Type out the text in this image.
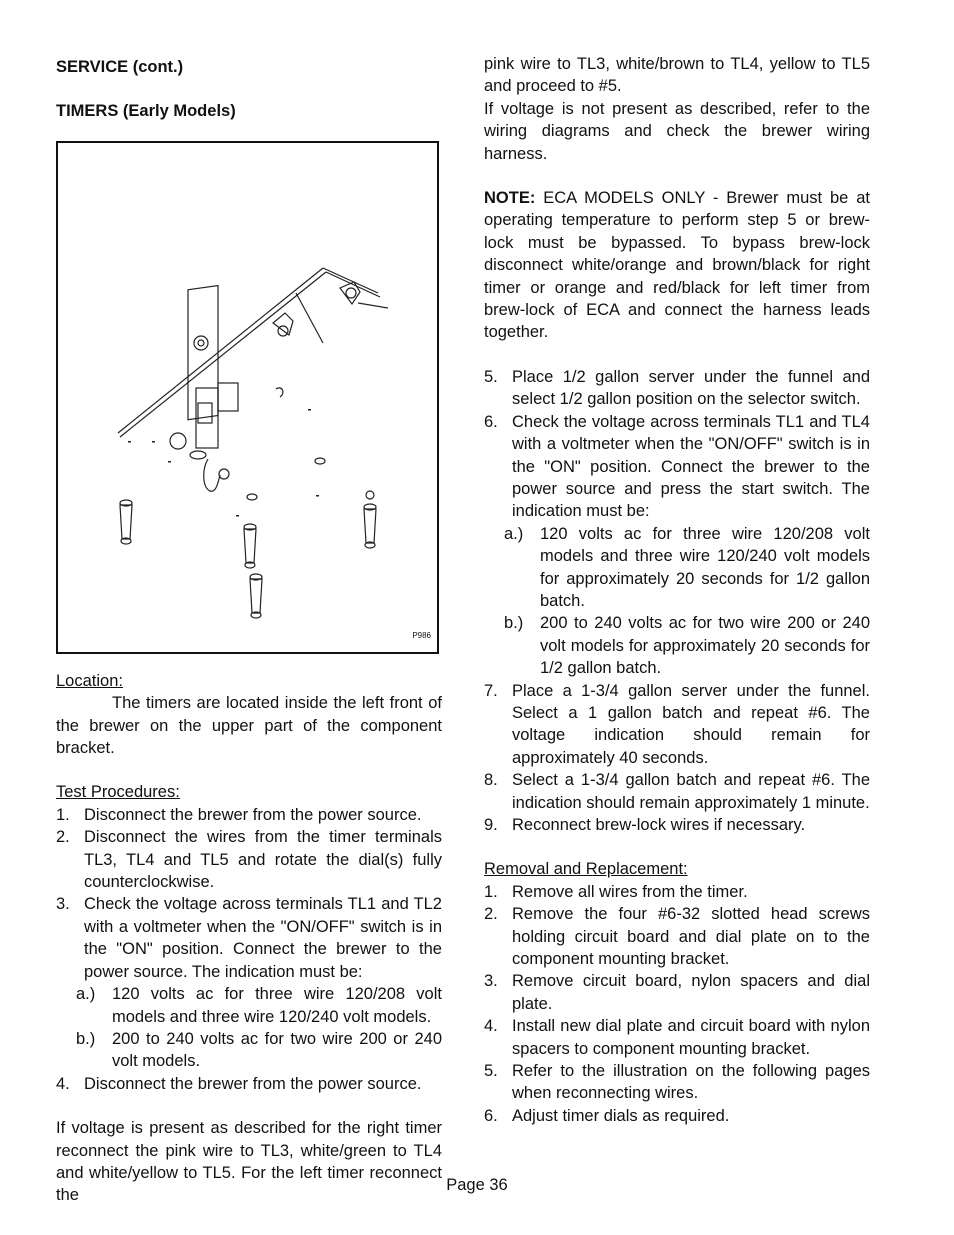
SERVICE (cont.)

TIMERS (Early Models)

P986

Location:

The timers are located inside the left front of the brewer on the upper part of the component bracket.

Test Procedures:

1. Disconnect the brewer from the power source.
2. Disconnect the wires from the timer terminals TL3, TL4 and TL5 and rotate the dial(s) fully counterclockwise.
3. Check the voltage across terminals TL1 and TL2 with a voltmeter when the "ON/OFF" switch is in the "ON" position. Connect the brewer to the power source. The indication must be:
a.) 120 volts ac for three wire 120/208 volt models and three wire 120/240 volt models.
b.) 200 to 240 volts ac for two wire 200 or 240 volt models.
4. Disconnect the brewer from the power source.

If voltage is present as described for the right timer reconnect the pink wire to TL3, white/green to TL4 and white/yellow to TL5. For the left timer reconnect the

pink wire to TL3, white/brown to TL4, yellow to TL5 and proceed to #5.

If voltage is not present as described, refer to the wiring diagrams and check the brewer wiring harness.

NOTE: ECA MODELS ONLY - Brewer must be at operating temperature to perform step 5 or brew-lock must be bypassed. To bypass brew-lock disconnect white/orange and brown/black for right timer or orange and red/black for left timer from brew-lock of ECA and connect the harness leads together.

5. Place 1/2 gallon server under the funnel and select 1/2 gallon position on the selector switch.
6. Check the voltage across terminals TL1 and TL4 with a voltmeter when the "ON/OFF" switch is in the "ON" position. Connect the brewer to the power source and press the start switch. The indication must be:
a.) 120 volts ac for three wire 120/208 volt models and three wire 120/240 volt models for approximately 20 seconds for 1/2 gallon batch.
b.) 200 to 240 volts ac for two wire 200 or 240 volt models for approximately 20 seconds for 1/2 gallon batch.
7. Place a 1-3/4 gallon server under the funnel. Select a 1 gallon batch and repeat #6. The voltage indication should remain for approximately 40 seconds.
8. Select a 1-3/4 gallon batch and repeat #6. The indication should remain approximately 1 minute.
9. Reconnect brew-lock wires if necessary.

Removal and Replacement:

1. Remove all wires from the timer.
2. Remove the four #6-32 slotted head screws holding circuit board and dial plate on to the component mounting bracket.
3. Remove circuit board, nylon spacers and dial plate.
4. Install new dial plate and circuit board with nylon spacers to component mounting bracket.
5. Refer to the illustration on the following pages when reconnecting wires.
6. Adjust timer dials as required.
Page 36
